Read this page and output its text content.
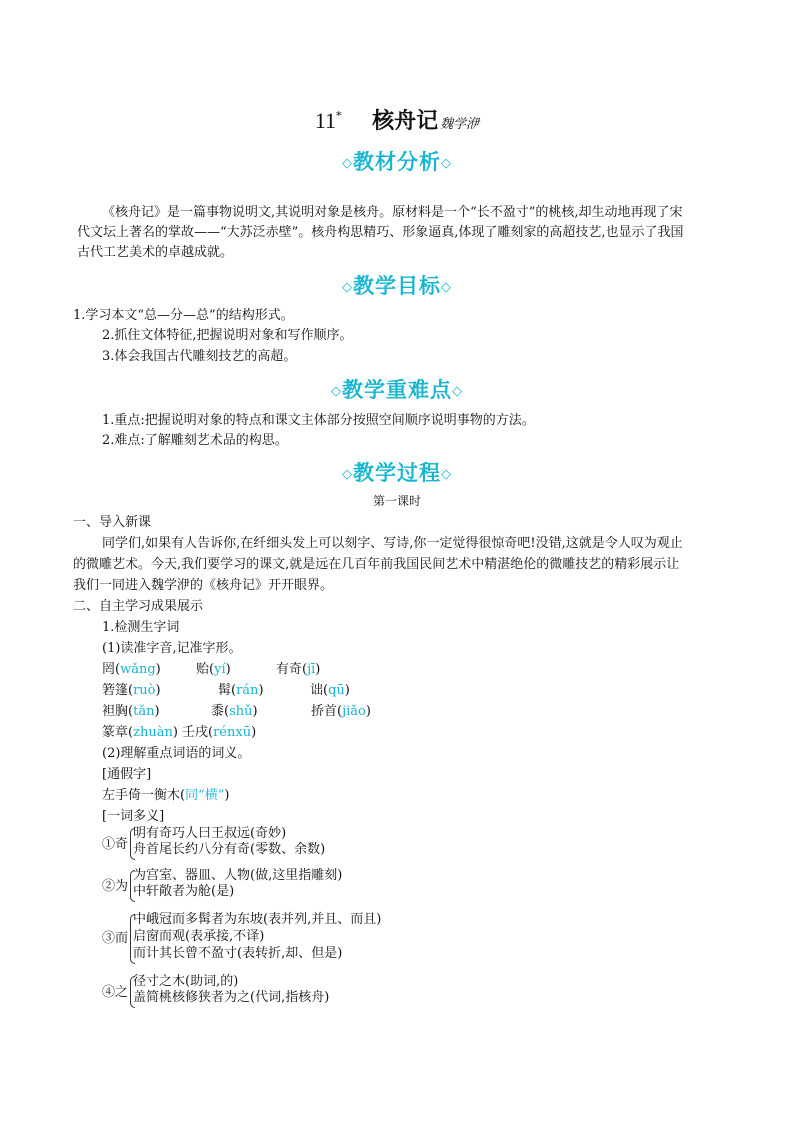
11* 核舟记 魏学洢
◇教材分析◇
《核舟记》是一篇事物说明文,其说明对象是核舟。原材料是一个“长不盈寸”的桃核,却生动地再现了宋
代文坛上著名的掌故——“大苏泛赤壁”。核舟构思精巧、形象逼真,体现了雕刻家的高超技艺,也显示了我国
古代工艺美术的卓越成就。
◇教学目标◇
1.学习本文“总—分—总”的结构形式。
2.抓住文体特征,把握说明对象和写作顺序。
3.体会我国古代雕刻技艺的高超。
◇教学重难点◇
1.重点:把握说明对象的特点和课文主体部分按照空间顺序说明事物的方法。
2.难点:了解雕刻艺术品的构思。
◇教学过程◇
第一课时
一、导入新课
同学们,如果有人告诉你,在纤细头发上可以刻字、写诗,你一定觉得很惊奇吧!没错,这就是令人叹为观止
的微雕艺术。今天,我们要学习的课文,就是远在几百年前我国民间艺术中精湛绝伦的微雕技艺的精彩展示让
我们一同进入魏学洢的《核舟记》开开眼界。
二、自主学习成果展示
1.检测生字词
(1)读准字音,记准字形。
罔(wǎng)	贻(yí)	有奇(jī)
箬篷(ruò)	髯(rán)	诎(qū)
袒胸(tǎn)	黍(shǔ)	挢首(jiǎo)
篆章(zhuàn) 壬戌(rénxū)
(2)理解重点词语的词义。
[通假字]
左手倚一衡木(同“横”)
[一词多义]
①奇
明有奇巧人曰王叔远(奇妙)
舟首尾长约八分有奇(零数、余数)
②为
为宫室、器皿、人物(做,这里指雕刻)
中轩敞者为舱(是)
③而
中峨冠而多髯者为东坡(表并列,并且、而且)
启窗而观(表承接,不译)
而计其长曾不盈寸(表转折,却、但是)
④之
径寸之木(助词,的)
盖简桃核修狭者为之(代词,指核舟)
